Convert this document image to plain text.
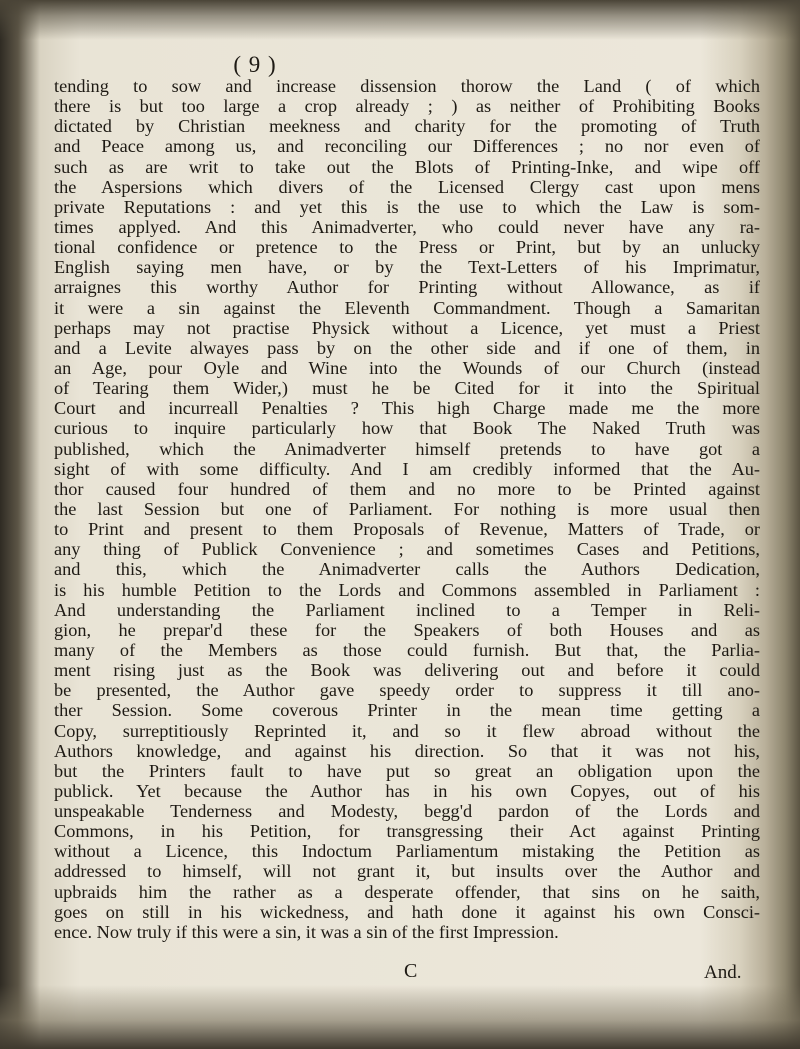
( 9 )
tending to sow and increase dissension thorow the Land ( of which
there is but too large a crop already ; ) as neither of Prohibiting Books
dictated by Christian meekness and charity for the promoting of Truth
and Peace among us, and reconciling our Differences ; no nor even of
such as are writ to take out the Blots of Printing-Inke, and wipe off
the Aspersions which divers of the Licensed Clergy cast upon mens
private Reputations : and yet this is the use to which the Law is som-
times applyed. And this Animadverter, who could never have any ra-
tional confidence or pretence to the Press or Print, but by an unlucky
English saying men have, or by the Text-Letters of his Imprimatur,
arraignes this worthy Author for Printing without Allowance, as if
it were a sin against the Eleventh Commandment. Though a Samaritan
perhaps may not practise Physick without a Licence, yet must a Priest
and a Levite alwayes pass by on the other side and if one of them, in
an Age, pour Oyle and Wine into the Wounds of our Church (instead
of Tearing them Wider,) must he be Cited for it into the Spiritual
Court and incurreall Penalties ? This high Charge made me the more
curious to inquire particularly how that Book The Naked Truth was
published, which the Animadverter himself pretends to have got a
sight of with some difficulty. And I am credibly informed that the Au-
thor caused four hundred of them and no more to be Printed against
the last Session but one of Parliament. For nothing is more usual then
to Print and present to them Proposals of Revenue, Matters of Trade, or
any thing of Publick Convenience ; and sometimes Cases and Petitions,
and this, which the Animadverter calls the Authors Dedication,
is his humble Petition to the Lords and Commons assembled in Parliament :
And understanding the Parliament inclined to a Temper in Reli-
gion, he prepar'd these for the Speakers of both Houses and as
many of the Members as those could furnish. But that, the Parlia-
ment rising just as the Book was delivering out and before it could
be presented, the Author gave speedy order to suppress it till ano-
ther Session. Some coverous Printer in the mean time getting a
Copy, surreptitiously Reprinted it, and so it flew abroad without the
Authors knowledge, and against his direction. So that it was not his,
but the Printers fault to have put so great an obligation upon the
publick. Yet because the Author has in his own Copyes, out of his
unspeakable Tenderness and Modesty, begg'd pardon of the Lords and
Commons, in his Petition, for transgressing their Act against Printing
without a Licence, this Indoctum Parliamentum mistaking the Petition as
addressed to himself, will not grant it, but insults over the Author and
upbraids him the rather as a desperate offender, that sins on he saith,
goes on still in his wickedness, and hath done it against his own Consci-
ence. Now truly if this were a sin, it was a sin of the first Impression.
C	And.
